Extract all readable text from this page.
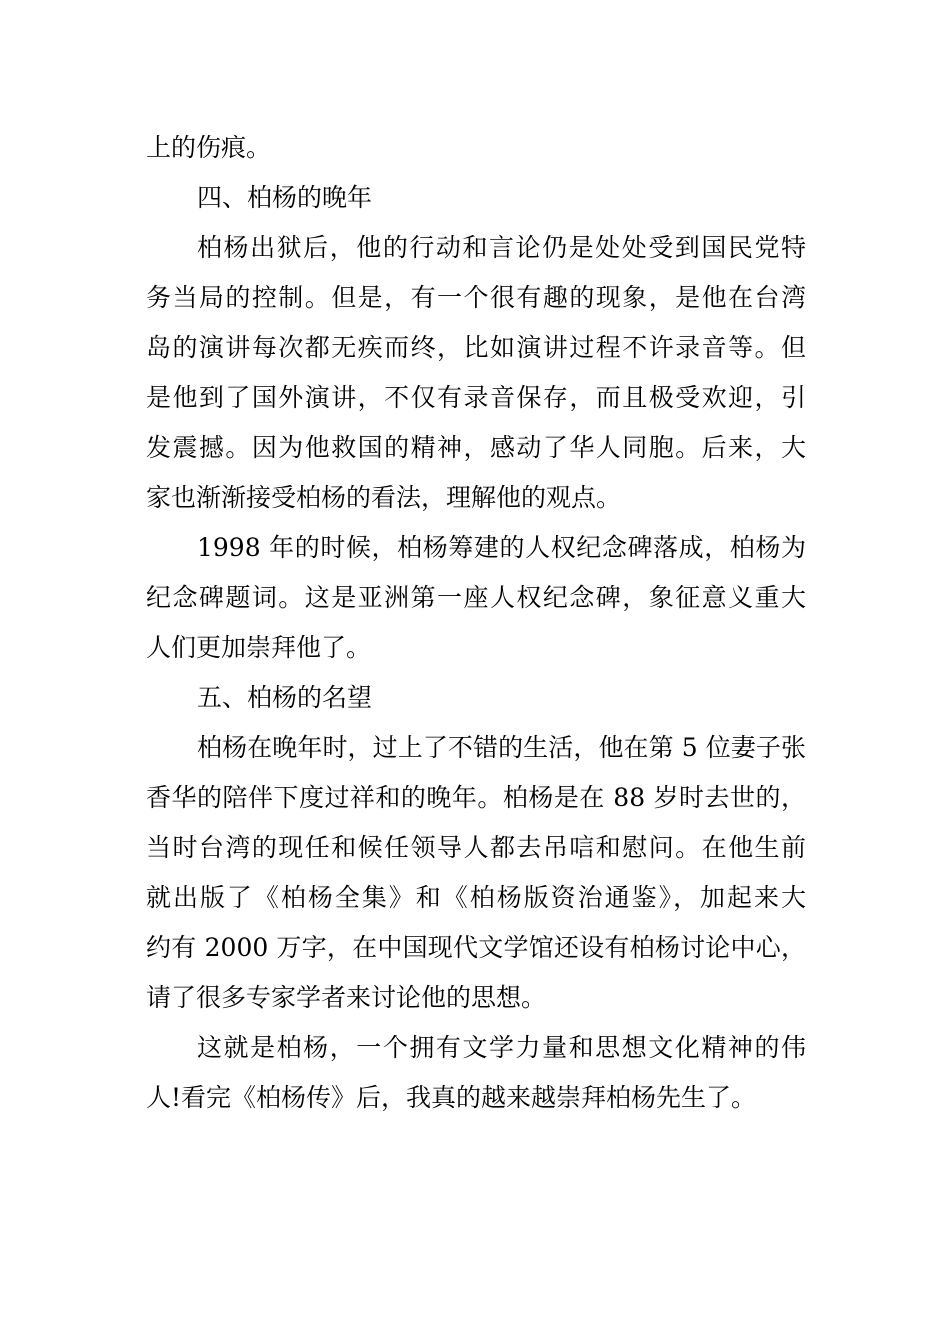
上的伤痕。
四、柏杨的晚年
柏杨出狱后，他的行动和言论仍是处处受到国民党特
务当局的控制。但是，有一个很有趣的现象，是他在台湾
岛的演讲每次都无疾而终，比如演讲过程不许录音等。但
是他到了国外演讲，不仅有录音保存，而且极受欢迎，引
发震撼。因为他救国的精神，感动了华人同胞。后来，大
家也渐渐接受柏杨的看法，理解他的观点。
1998 年的时候，柏杨筹建的人权纪念碑落成，柏杨为
纪念碑题词。这是亚洲第一座人权纪念碑，象征意义重大
人们更加崇拜他了。
五、柏杨的名望
柏杨在晚年时，过上了不错的生活，他在第 5 位妻子张
香华的陪伴下度过祥和的晚年。柏杨是在 88 岁时去世的，
当时台湾的现任和候任领导人都去吊唁和慰问。在他生前
就出版了《柏杨全集》和《柏杨版资治通鉴》，加起来大
约有 2000 万字，在中国现代文学馆还设有柏杨讨论中心，
请了很多专家学者来讨论他的思想。
这就是柏杨，一个拥有文学力量和思想文化精神的伟
人!看完《柏杨传》后，我真的越来越崇拜柏杨先生了。
